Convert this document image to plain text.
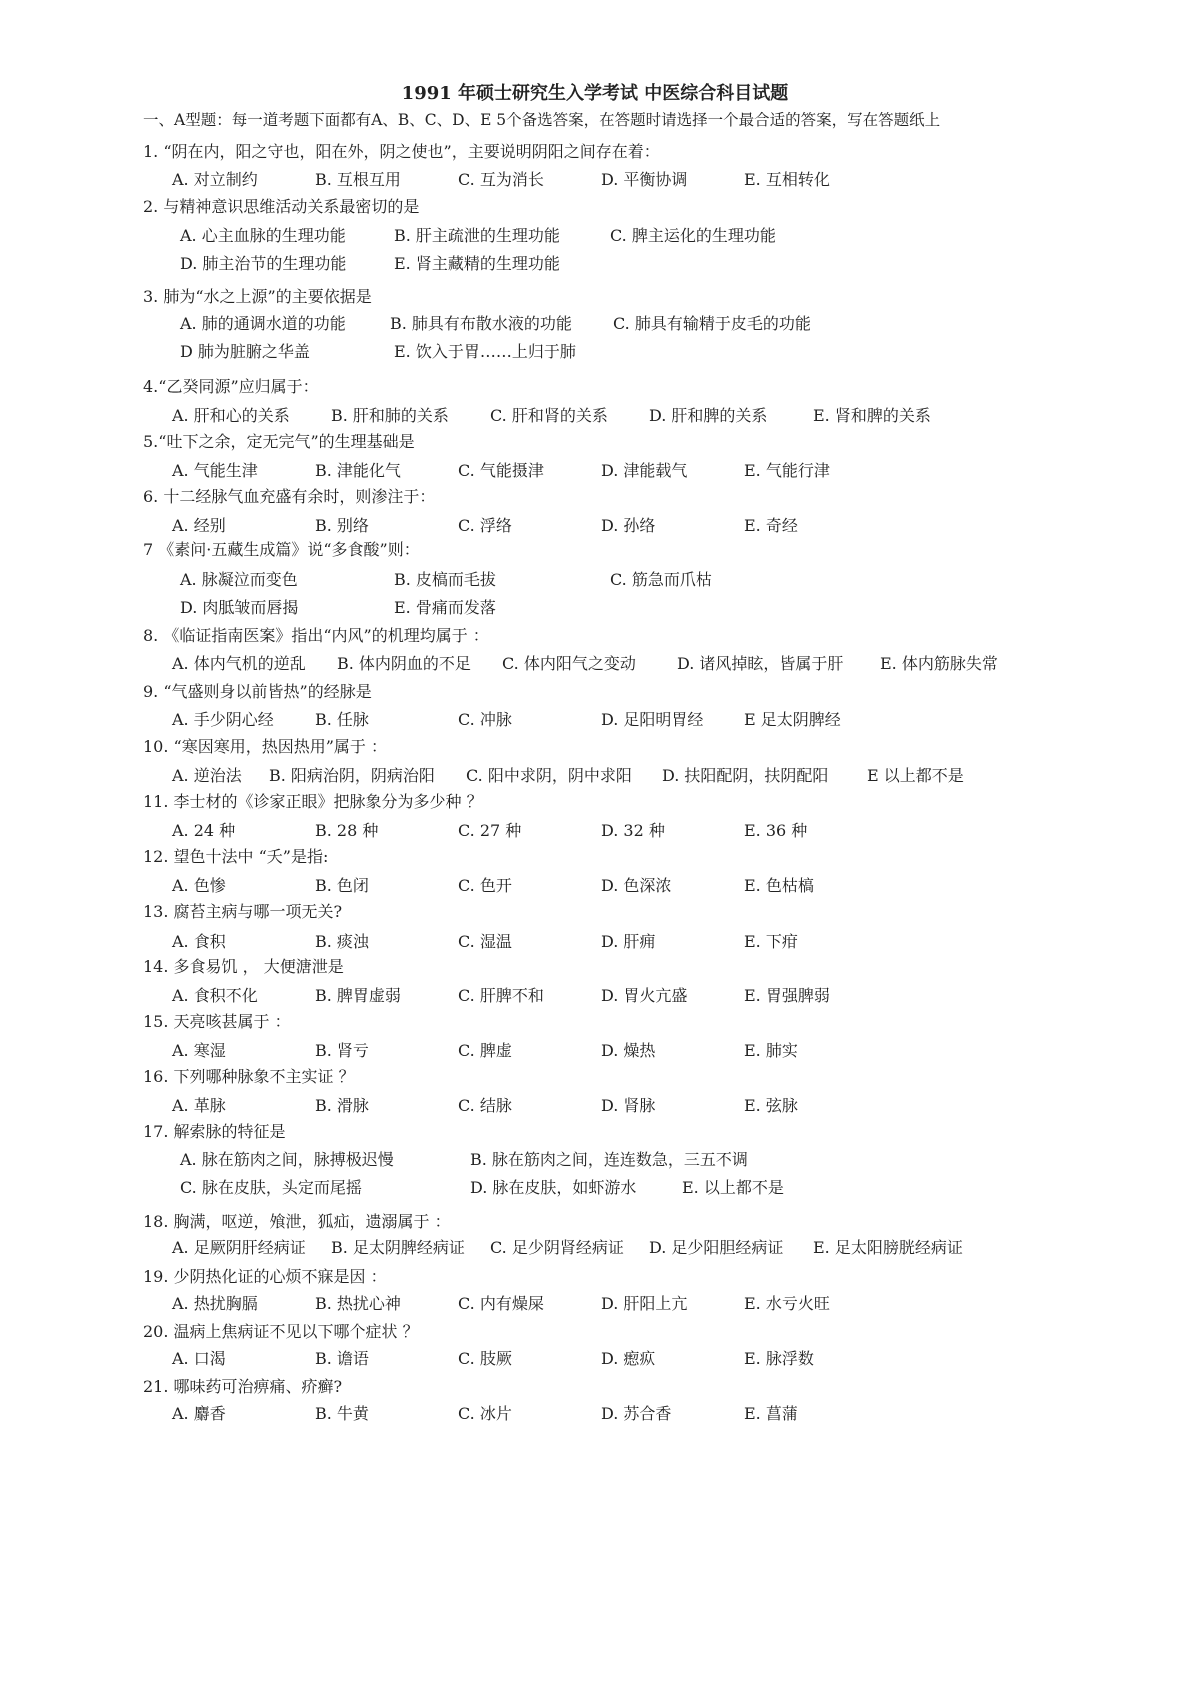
1991 年硕士研究生入学考试 中医综合科目试题
一、A型题：每一道考题下面都有A、B、C、D、E 5个备选答案，在答题时请选择一个最合适的答案，写在答题纸上
1. “阴在内，阳之守也，阳在外，阴之使也”，主要说明阴阳之间存在着：
A. 对立制约	B. 互根互用	C. 互为消长	D. 平衡协调	E. 互相转化
2. 与精神意识思维活动关系最密切的是
A. 心主血脉的生理功能	B. 肝主疏泄的生理功能	C. 脾主运化的生理功能
D. 肺主治节的生理功能	E. 肾主藏精的生理功能
3. 肺为“水之上源”的主要依据是
A. 肺的通调水道的功能	B. 肺具有布散水液的功能	C. 肺具有输精于皮毛的功能
D 肺为脏腑之华盖	E. 饮入于胃……上归于肺
4.“乙癸同源”应归属于：
A. 肝和心的关系	B. 肝和肺的关系	C. 肝和肾的关系	D. 肝和脾的关系	E. 肾和脾的关系
5.“吐下之余，定无完气”的生理基础是
A. 气能生津	B. 津能化气	C. 气能摄津	D. 津能载气	E. 气能行津
6. 十二经脉气血充盛有余时，则渗注于：
A. 经别	B. 别络	C. 浮络	D. 孙络	E. 奇经
7 《素问·五藏生成篇》说“多食酸”则：
A. 脉凝泣而变色	B. 皮槁而毛拔	C. 筋急而爪枯
D. 肉胝皱而唇揭	E. 骨痛而发落
8. 《临证指南医案》指出“内风”的机理均属于 ：
A. 体内气机的逆乱 B. 体内阴血的不足 C. 体内阳气之变动	D. 诸风掉眩，皆属于肝 E. 体内筋脉失常
9. “气盛则身以前皆热”的经脉是
A. 手少阴心经	B. 任脉	C. 冲脉	D. 足阳明胃经	E 足太阴脾经
10. “寒因寒用，热因热用”属于 ：
A. 逆治法 B. 阳病治阴，阴病治阳 C. 阳中求阴，阴中求阳 D. 扶阳配阴，扶阴配阳 E 以上都不是
11. 李士材的《诊家正眼》把脉象分为多少种 ？
A. 24 种	B. 28 种	C. 27 种	D. 32 种	E. 36 种
12. 望色十法中 “夭”是指:
A. 色惨	B. 色闭	C. 色开	D. 色深浓	E. 色枯槁
13. 腐苔主病与哪一项无关?
A. 食积	B. 痰浊	C. 湿温	D. 肝痈	E. 下疳
14. 多食易饥 ， 大便溏泄是
A. 食积不化	B. 脾胃虚弱	C. 肝脾不和	D. 胃火亢盛	E. 胃强脾弱
15. 天亮咳甚属于 ：
A. 寒湿	B. 肾亏	C. 脾虚	D. 燥热	E. 肺实
16. 下列哪种脉象不主实证 ？
A. 革脉	B. 滑脉	C. 结脉	D. 肾脉	E. 弦脉
17. 解索脉的特征是
A. 脉在筋肉之间，脉搏极迟慢	B. 脉在筋肉之间，连连数急，三五不调
C. 脉在皮肤，头定而尾摇	D. 脉在皮肤，如虾游水	E. 以上都不是
18. 胸满，呕逆，飧泄，狐疝，遗溺属于 ：
A. 足厥阴肝经病证 B. 足太阴脾经病证 C. 足少阴肾经病证 D. 足少阳胆经病证 E. 足太阳膀胱经病证
19. 少阴热化证的心烦不寐是因 ：
A. 热扰胸膈	B. 热扰心神	C. 内有燥屎	D. 肝阳上亢	E. 水亏火旺
20. 温病上焦病证不见以下哪个症状 ？
A. 口渴	B. 谵语	C. 肢厥	D. 瘛疭	E. 脉浮数
21. 哪味药可治痹痛、疥癣?
A. 麝香	B. 牛黄	C. 冰片	D. 苏合香	E. 菖蒲
